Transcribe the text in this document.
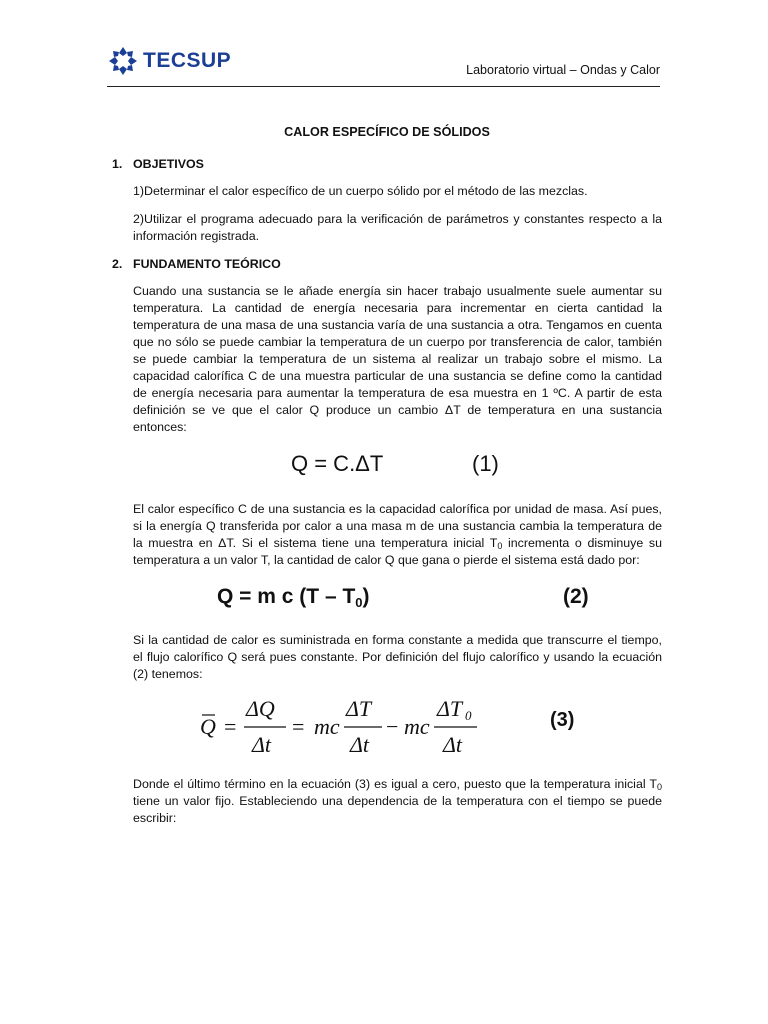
TECSUP	Laboratorio virtual – Ondas y Calor
CALOR ESPECÍFICO DE SÓLIDOS
1. OBJETIVOS

1)Determinar el calor específico de un cuerpo sólido por el método de las mezclas.

2)Utilizar el programa adecuado para la verificación de parámetros y constantes respecto a la información registrada.

2. FUNDAMENTO TEÓRICO

Cuando una sustancia se le añade energía sin hacer trabajo usualmente suele aumentar su temperatura. La cantidad de energía necesaria para incrementar en cierta cantidad la temperatura de una masa de una sustancia varía de una sustancia a otra. Tengamos en cuenta que no sólo se puede cambiar la temperatura de un cuerpo por transferencia de calor, también se puede cambiar la temperatura de un sistema al realizar un trabajo sobre el mismo. La capacidad calorífica C de una muestra particular de una sustancia se define como la cantidad de energía necesaria para aumentar la temperatura de esa muestra en 1 ºC. A partir de esta definición se ve que el calor Q produce un cambio ΔT de temperatura en una sustancia entonces:

Q = C.ΔT	(1)

El calor específico C de una sustancia es la capacidad calorífica por unidad de masa. Así pues, si la energía Q transferida por calor a una masa m de una sustancia cambia la temperatura de la muestra en ΔT. Si el sistema tiene una temperatura inicial $T_0$ incrementa o disminuye su temperatura a un valor T, la cantidad de calor Q que gana o pierde el sistema está dado por:

Q = m c $(T - T_0)$	(2)

Si la cantidad de calor es suministrada en forma constante a medida que transcurre el tiempo, el flujo calorífico Q será pues constante. Por definición del flujo calorífico y usando la ecuación (2) tenemos:

Q =
ΔQ
Δt
= mc
ΔT
Δt
− mc
ΔT 0
Δt
(3)

Donde el último término en la ecuación (3) es igual a cero, puesto que la temperatura inicial $T_0$ tiene un valor fijo. Estableciendo una dependencia de la temperatura con el tiempo se puede escribir:
